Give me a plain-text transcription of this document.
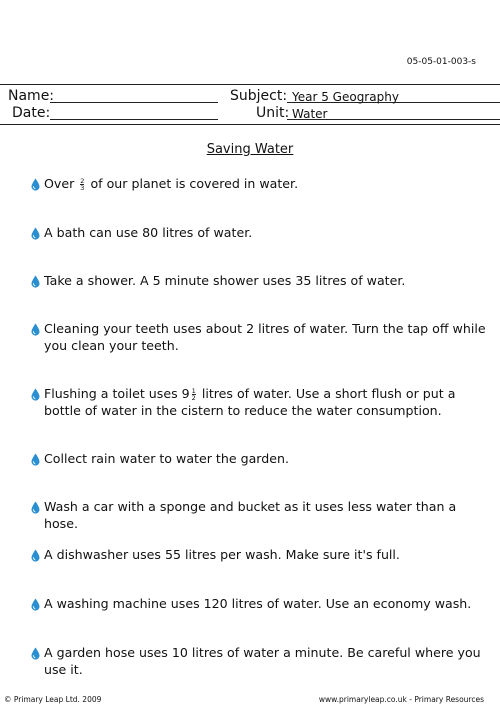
05-05-01-003-s
Name:	Subject: Year 5 Geography
Date:	Unit: Water
Saving Water
Over $\frac{2}{3}$ of our planet is covered in water.
A bath can use 80 litres of water.
Take a shower. A 5 minute shower uses 35 litres of water.
Cleaning your teeth uses about 2 litres of water. Turn the tap off while you clean your teeth.
Flushing a toilet uses $9 \frac{1}{2}$ litres of water. Use a short flush or put a bottle of water in the cistern to reduce the water consumption.
Collect rain water to water the garden.
Wash a car with a sponge and bucket as it uses less water than a hose.
A dishwasher uses 55 litres per wash. Make sure it's full.
A washing machine uses 120 litres of water. Use an economy wash.
A garden hose uses 10 litres of water a minute. Be careful where you use it.
© Primary Leap Ltd. 2009	www.primaryleap.co.uk - Primary Resources
